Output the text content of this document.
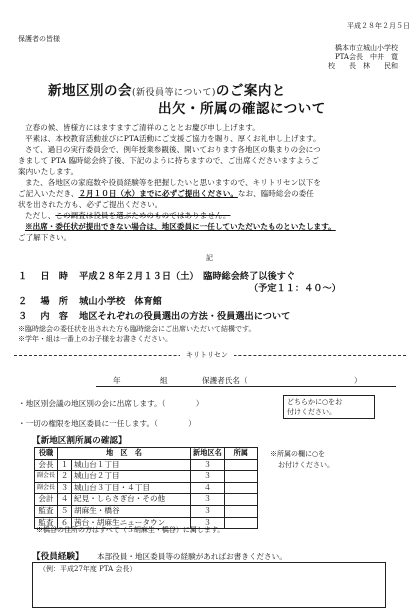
平成２８年２月５日
保護者の皆様
橋本市立城山小学校
PTA会長　中井　寛
校　　長　林　　民和
新地区別の会(新役員等について)のご案内と
出欠・所属の確認について
立春の候、皆様方にはますますご清祥のこととお慶び申し上げます。
平素は、本校教育活動並びにPTA活動にご支援ご協力を賜り、厚くお礼申し上げます。
さて、過日の実行委員会で、例年授業参観後、開いております各地区の集まりの会につ
きまして PTA 臨時総会終了後、下記のように持ちますので、ご出席くださいますようご
案内いたします。
また、各地区の家庭数や役員経験等を把握したいと思いますので、キリトリセン以下を
ご記入いただき、２月１０日（水）までに必ずご提出ください。なお、臨時総会の委任
状を出された方も、必ずご提出ください。
ただし、この調査は役員を選ぶためのものではありません。
※出席・委任状が提出できない場合は、地区委員に一任していただいたものといたします。
ご了解下さい。
記
１ 日　時 平成２８年２月１３日（土）　臨時総会終了以後すぐ
（予定１１：４０〜）
２ 場　所 城山小学校　体育館
３ 内　容 地区それぞれの役員選出の方法・役員選出について
※臨時総会の委任状を出された方も臨時総会にご出席いただいて結構です。
※学年・組は一番上のお子様をお書きください。
キリトリセン
年	組	保護者氏名（	）
・地区別会議の地区別の会に出席します。（　　　　）
・一切の権限を地区委員に一任します。（　　　　）
どちらかに○をお
付けください。
【新地区割所属の確認】
役職	地　区　名		新地区名	所属
会長	１	城山台１丁目	３	
副会長	２	城山台２丁目	３	
副会長	３	城山台３丁目・４丁目	４	
会計	４	紀見・しらさぎ台・その他	３	
監査	５	胡麻生・橋谷	３	
監査	６	茜台・胡麻生ニュータウン	３	
※所属の欄に○を
お付けください。
※橋谷の住所の方はすべて（５胡麻生・橋谷）に属します。
【役員経験】 本部役員・地区委員等の経験があればお書きください。
（例：平成27年度 PTA 会長）
